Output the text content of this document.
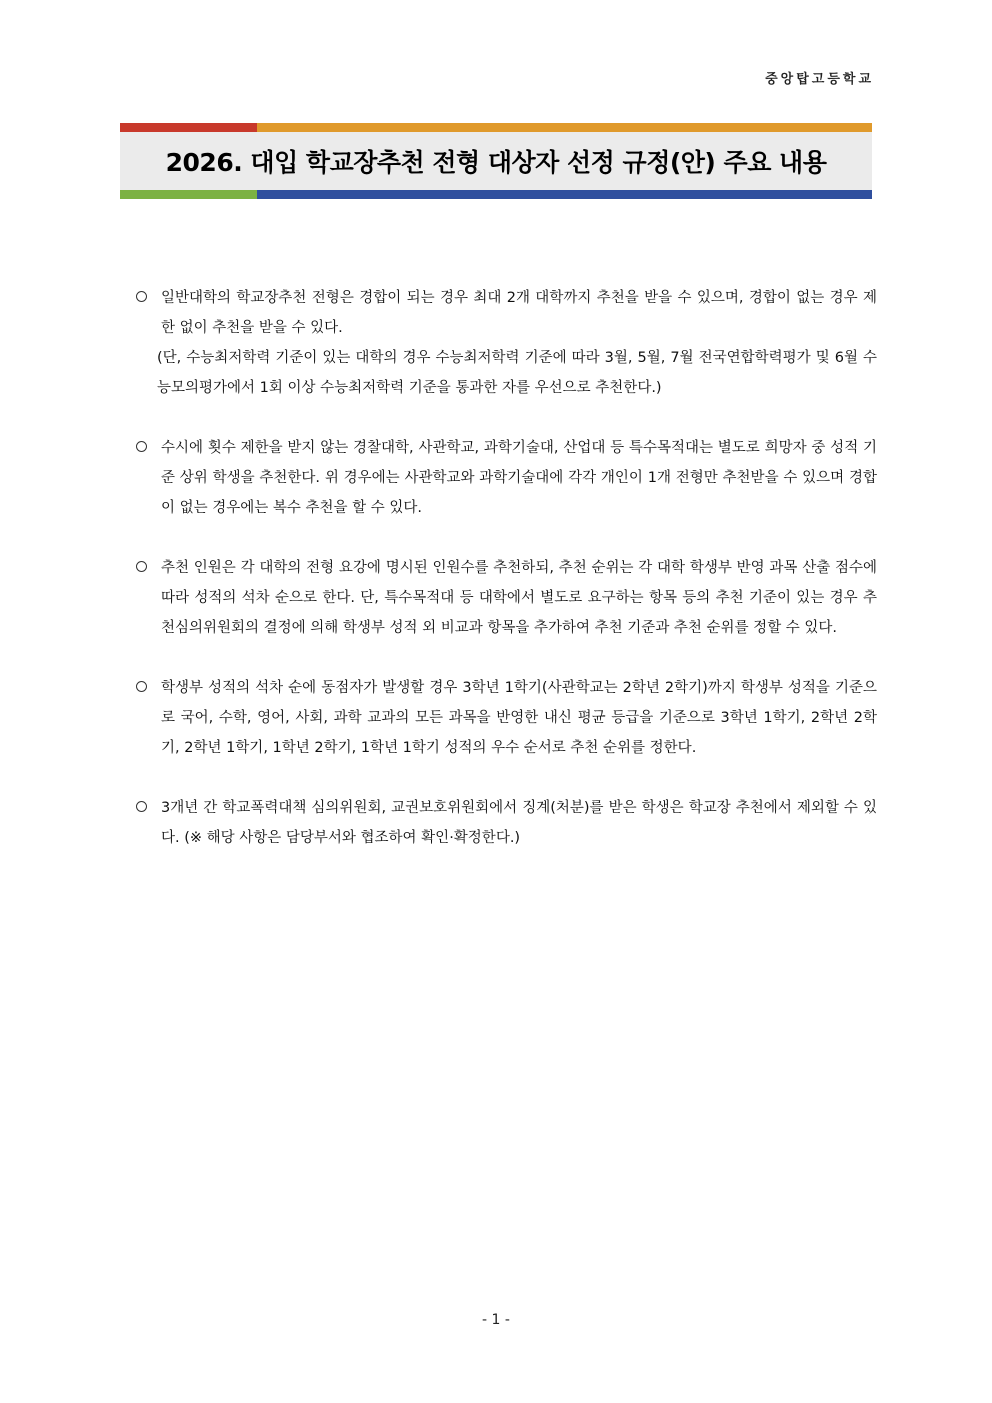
중앙탑고등학교
2026. 대입 학교장추천 전형 대상자 선정 규정(안) 주요 내용

일반대학의 학교장추천 전형은 경합이 되는 경우 최대 2개 대학까지 추천을 받을 수 있으며, 경합이 없는 경우 제한 없이 추천을 받을 수 있다.

(단, 수능최저학력 기준이 있는 대학의 경우 수능최저학력 기준에 따라 3월, 5월, 7월 전국연합학력평가 및 6월 수능모의평가에서 1회 이상 수능최저학력 기준을 통과한 자를 우선으로 추천한다.)

수시에 횟수 제한을 받지 않는 경찰대학, 사관학교, 과학기술대, 산업대 등 특수목적대는 별도로 희망자 중 성적 기준 상위 학생을 추천한다. 위 경우에는 사관학교와 과학기술대에 각각 개인이 1개 전형만 추천받을 수 있으며 경합이 없는 경우에는 복수 추천을 할 수 있다.

추천 인원은 각 대학의 전형 요강에 명시된 인원수를 추천하되, 추천 순위는 각 대학 학생부 반영 과목 산출 점수에 따라 성적의 석차 순으로 한다. 단, 특수목적대 등 대학에서 별도로 요구하는 항목 등의 추천 기준이 있는 경우 추천심의위원회의 결정에 의해 학생부 성적 외 비교과 항목을 추가하여 추천 기준과 추천 순위를 정할 수 있다.

학생부 성적의 석차 순에 동점자가 발생할 경우 3학년 1학기(사관학교는 2학년 2학기)까지 학생부 성적을 기준으로 국어, 수학, 영어, 사회, 과학 교과의 모든 과목을 반영한 내신 평균 등급을 기준으로 3학년 1학기, 2학년 2학기, 2학년 1학기, 1학년 2학기, 1학년 1학기 성적의 우수 순서로 추천 순위를 정한다.

3개년 간 학교폭력대책 심의위원회, 교권보호위원회에서 징계(처분)를 받은 학생은 학교장 추천에서 제외할 수 있다. (※ 해당 사항은 담당부서와 협조하여 확인·확정한다.)

- 1 -
